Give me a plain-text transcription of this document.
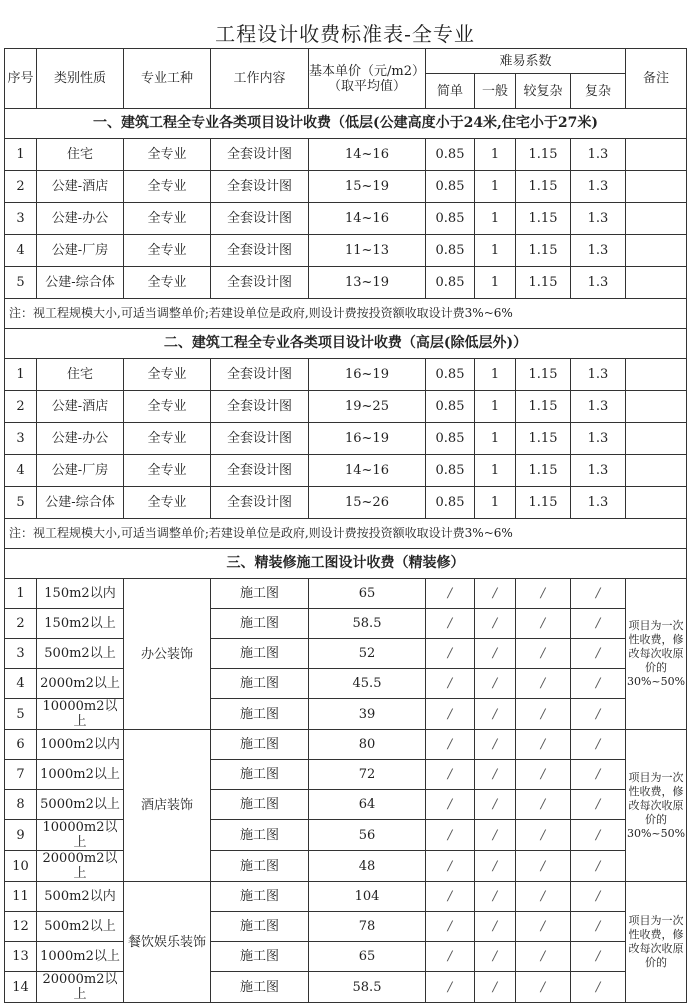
工程设计收费标准表-全专业
序号	类别性质	专业工种	工作内容	基本单价（元/m2）（取平均值）	难易系数				备注
					简单	一般	较复杂	复杂	
一、建筑工程全专业各类项目设计收费（低层(公建高度小于24米,住宅小于27米)									
1	住宅	全专业	全套设计图	14~16	0.85	1	1.15	1.3	
2	公建-酒店	全专业	全套设计图	15~19	0.85	1	1.15	1.3	
3	公建-办公	全专业	全套设计图	14~16	0.85	1	1.15	1.3	
4	公建-厂房	全专业	全套设计图	11~13	0.85	1	1.15	1.3	
5	公建-综合体	全专业	全套设计图	13~19	0.85	1	1.15	1.3	
注：视工程规模大小,可适当调整单价;若建设单位是政府,则设计费按投资额收取设计费3%~6%									
二、建筑工程全专业各类项目设计收费（高层(除低层外)）									
1	住宅	全专业	全套设计图	16~19	0.85	1	1.15	1.3	
2	公建-酒店	全专业	全套设计图	19~25	0.85	1	1.15	1.3	
3	公建-办公	全专业	全套设计图	16~19	0.85	1	1.15	1.3	
4	公建-厂房	全专业	全套设计图	14~16	0.85	1	1.15	1.3	
5	公建-综合体	全专业	全套设计图	15~26	0.85	1	1.15	1.3	
注：视工程规模大小,可适当调整单价;若建设单位是政府,则设计费按投资额收取设计费3%~6%									
三、精装修施工图设计收费（精装修）									
1	150m2以内	办公装饰	施工图	65	/	/	/	/	项目为一次性收费，修改每次收原价的30%~50%
2	150m2以上		施工图	58.5	/	/	/	/	
3	500m2以上		施工图	52	/	/	/	/	
4	2000m2以上		施工图	45.5	/	/	/	/	
5	10000m2以上		施工图	39	/	/	/	/	
6	1000m2以内	酒店装饰	施工图	80	/	/	/	/	项目为一次性收费，修改每次收原价的30%~50%
7	1000m2以上		施工图	72	/	/	/	/	
8	5000m2以上		施工图	64	/	/	/	/	
9	10000m2以上		施工图	56	/	/	/	/	
10	20000m2以上		施工图	48	/	/	/	/	
11	500m2以内	餐饮娱乐装饰	施工图	104	/	/	/	/	项目为一次性收费，修改每次收原价的
12	500m2以上		施工图	78	/	/	/	/	
13	1000m2以上		施工图	65	/	/	/	/	
14	20000m2以上		施工图	58.5	/	/	/	/	
